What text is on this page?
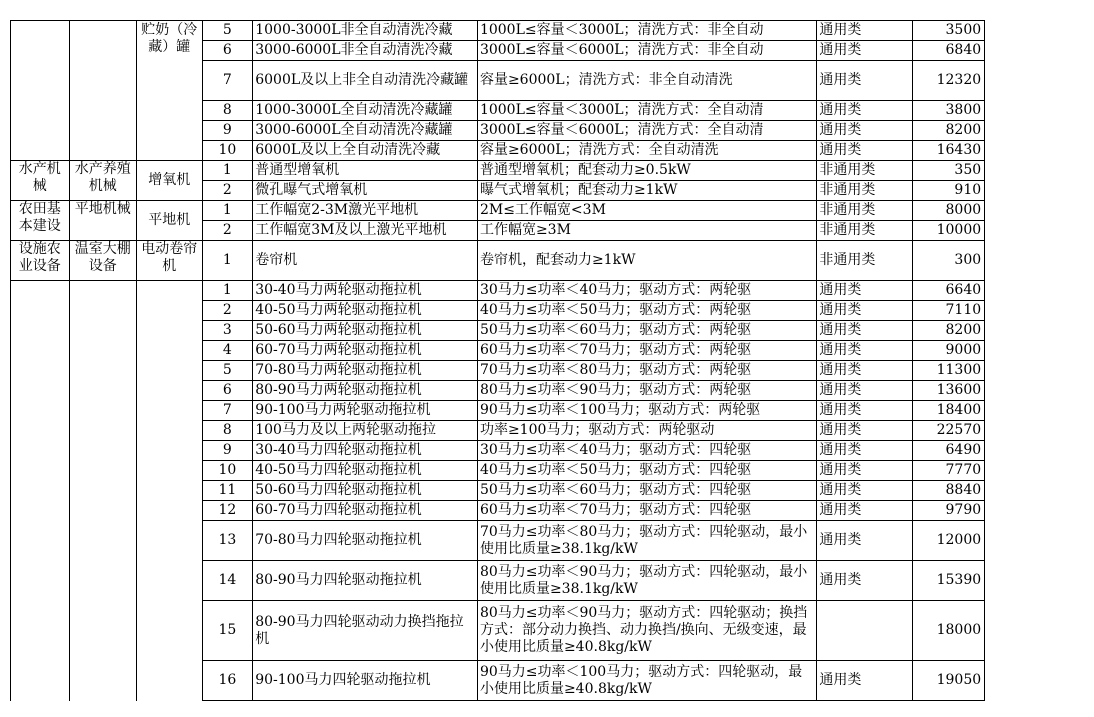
		贮奶（冷藏）罐	5	1000-3000L非全自动清洗冷藏	1000L≤容量＜3000L；清洗方式：非全自动	通用类	3500	
			6	3000-6000L非全自动清洗冷藏	3000L≤容量＜6000L；清洗方式：非全自动	通用类	6840	
			7	6000L及以上非全自动清洗冷藏罐	容量≥6000L；清洗方式：非全自动清洗	通用类	12320	
			8	1000-3000L全自动清洗冷藏罐	1000L≤容量＜3000L；清洗方式：全自动清	通用类	3800	
			9	3000-6000L全自动清洗冷藏罐	3000L≤容量＜6000L；清洗方式：全自动清	通用类	8200	
			10	6000L及以上全自动清洗冷藏	容量≥6000L；清洗方式：全自动清洗	通用类	16430	
水产机械	水产养殖机械	增氧机	1	普通型增氧机	普通型增氧机；配套动力≥0.5kW	非通用类	350	
			2	微孔曝气式增氧机	曝气式增氧机；配套动力≥1kW	非通用类	910	
农田基本建设	平地机械	平地机	1	工作幅宽2-3M激光平地机	2M≤工作幅宽<3M	非通用类	8000	
			2	工作幅宽3M及以上激光平地机	工作幅宽≥3M	非通用类	10000	
设施农业设备	温室大棚设备	电动卷帘机	1	卷帘机	卷帘机，配套动力≥1kW	非通用类	300	
			1	30-40马力两轮驱动拖拉机	30马力≤功率＜40马力；驱动方式：两轮驱	通用类	6640	
			2	40-50马力两轮驱动拖拉机	40马力≤功率＜50马力；驱动方式：两轮驱	通用类	7110	
			3	50-60马力两轮驱动拖拉机	50马力≤功率＜60马力；驱动方式：两轮驱	通用类	8200	
			4	60-70马力两轮驱动拖拉机	60马力≤功率＜70马力；驱动方式：两轮驱	通用类	9000	
			5	70-80马力两轮驱动拖拉机	70马力≤功率＜80马力；驱动方式：两轮驱	通用类	11300	
			6	80-90马力两轮驱动拖拉机	80马力≤功率＜90马力；驱动方式：两轮驱	通用类	13600	
			7	90-100马力两轮驱动拖拉机	90马力≤功率＜100马力；驱动方式：两轮驱	通用类	18400	
			8	100马力及以上两轮驱动拖拉	功率≥100马力；驱动方式：两轮驱动	通用类	22570	
			9	30-40马力四轮驱动拖拉机	30马力≤功率＜40马力；驱动方式：四轮驱	通用类	6490	
			10	40-50马力四轮驱动拖拉机	40马力≤功率＜50马力；驱动方式：四轮驱	通用类	7770	
			11	50-60马力四轮驱动拖拉机	50马力≤功率＜60马力；驱动方式：四轮驱	通用类	8840	
			12	60-70马力四轮驱动拖拉机	60马力≤功率＜70马力；驱动方式：四轮驱	通用类	9790	
			13	70-80马力四轮驱动拖拉机	70马力≤功率＜80马力；驱动方式：四轮驱动，最小使用比质量≥38.1kg/kW	通用类	12000	
			14	80-90马力四轮驱动拖拉机	80马力≤功率＜90马力；驱动方式：四轮驱动，最小使用比质量≥38.1kg/kW	通用类	15390	
			15	80-90马力四轮驱动动力换挡拖拉机	80马力≤功率＜90马力；驱动方式：四轮驱动；换挡方式：部分动力换挡、动力换挡/换向、无级变速，最小使用比质量≥40.8kg/kW		18000	
			16	90-100马力四轮驱动拖拉机	90马力≤功率＜100马力；驱动方式：四轮驱动，最小使用比质量≥40.8kg/kW	通用类	19050	
